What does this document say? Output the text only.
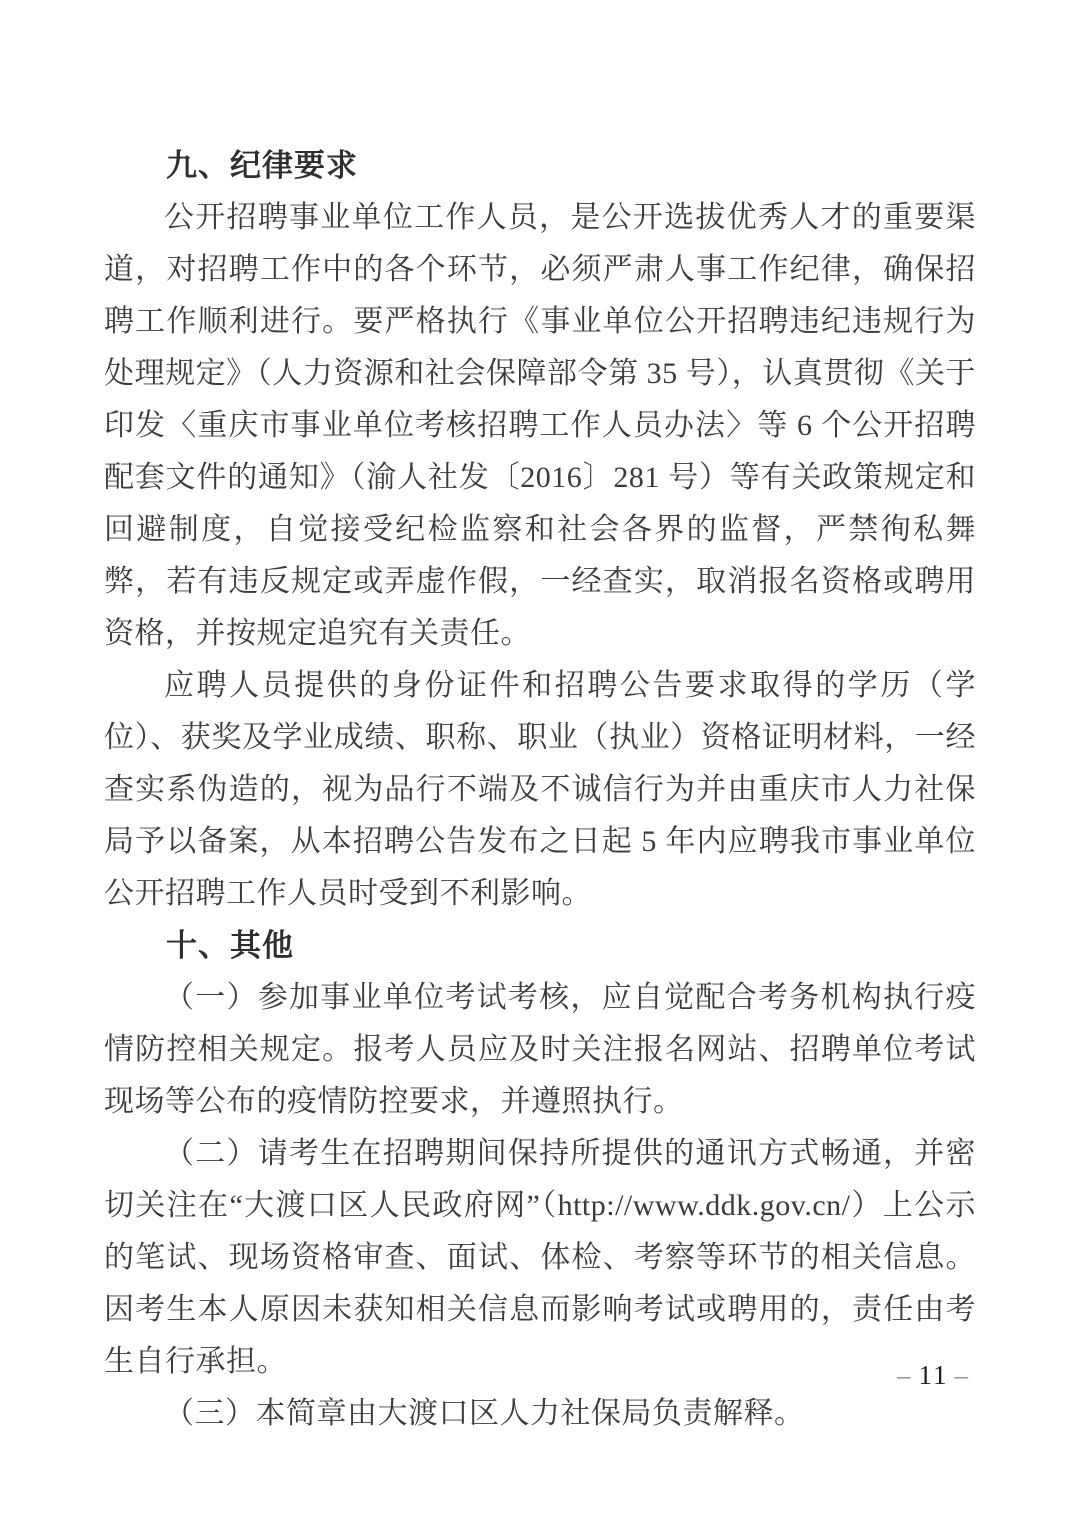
九、纪律要求

公开招聘事业单位工作人员，是公开选拔优秀人才的重要渠道，对招聘工作中的各个环节，必须严肃人事工作纪律，确保招聘工作顺利进行。要严格执行《事业单位公开招聘违纪违规行为处理规定》（人力资源和社会保障部令第 35 号），认真贯彻《关于印发〈重庆市事业单位考核招聘工作人员办法〉等 6 个公开招聘配套文件的通知》（渝人社发〔2016〕281 号）等有关政策规定和回避制度，自觉接受纪检监察和社会各界的监督，严禁徇私舞弊，若有违反规定或弄虚作假，一经查实，取消报名资格或聘用资格，并按规定追究有关责任。

应聘人员提供的身份证件和招聘公告要求取得的学历（学位）、获奖及学业成绩、职称、职业（执业）资格证明材料，一经查实系伪造的，视为品行不端及不诚信行为并由重庆市人力社保局予以备案，从本招聘公告发布之日起 5 年内应聘我市事业单位公开招聘工作人员时受到不利影响。

十、其他

（一）参加事业单位考试考核，应自觉配合考务机构执行疫情防控相关规定。报考人员应及时关注报名网站、招聘单位考试现场等公布的疫情防控要求，并遵照执行。

（二）请考生在招聘期间保持所提供的通讯方式畅通，并密切关注在“大渡口区人民政府网”（http://www.ddk.gov.cn/）上公示的笔试、现场资格审查、面试、体检、考察等环节的相关信息。因考生本人原因未获知相关信息而影响考试或聘用的，责任由考生自行承担。

（三）本简章由大渡口区人力社保局负责解释。

– 11 –
